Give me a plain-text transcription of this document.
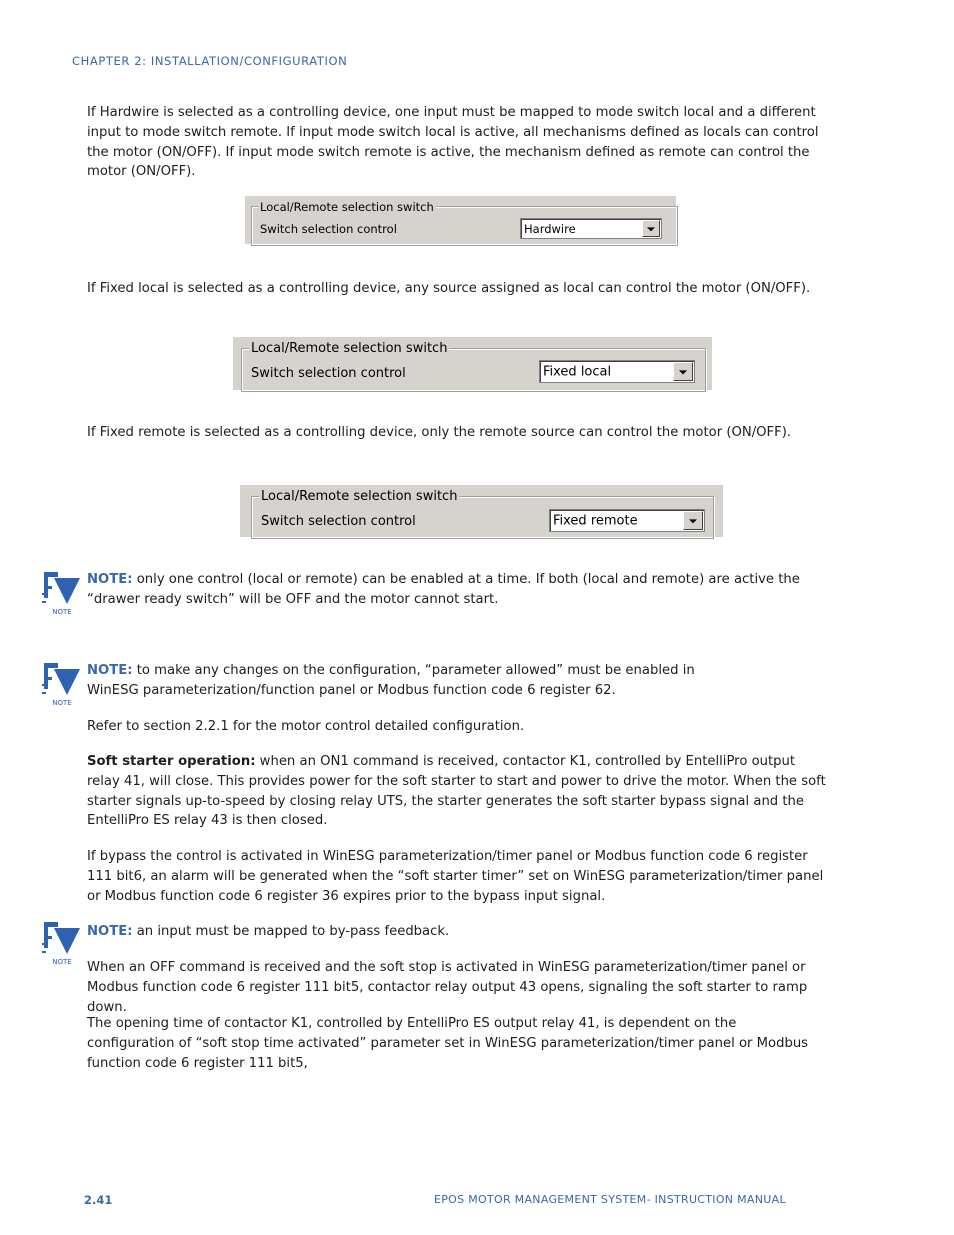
CHAPTER 2: INSTALLATION/CONFIGURATION
If Hardwire is selected as a controlling device, one input must be mapped to mode switch local and a different input to mode switch remote. If input mode switch local is active, all mechanisms defined as locals can control the motor (ON/OFF). If input mode switch remote is active, the mechanism defined as remote can control the motor (ON/OFF).
Local/Remote selection switch
Switch selection control	Hardwire
If Fixed local is selected as a controlling device, any source assigned as local can control the motor (ON/OFF).
Local/Remote selection switch
Switch selection control	Fixed local
If Fixed remote is selected as a controlling device, only the remote source can control the motor (ON/OFF).
Local/Remote selection switch
Switch selection control	Fixed remote
NOTE
NOTE: only one control (local or remote) can be enabled at a time. If both (local and remote) are active the “drawer ready switch” will be OFF and the motor cannot start.
NOTE
NOTE: to make any changes on the configuration, “parameter allowed” must be enabled in WinESG parameterization/function panel or Modbus function code 6 register 62.
Refer to section 2.2.1 for the motor control detailed configuration.
Soft starter operation: when an ON1 command is received, contactor K1, controlled by EntelliPro output relay 41, will close. This provides power for the soft starter to start and power to drive the motor. When the soft starter signals up-to-speed by closing relay UTS, the starter generates the soft starter bypass signal and the EntelliPro ES relay 43 is then closed.
If bypass the control is activated in WinESG parameterization/timer panel or Modbus function code 6 register 111 bit6, an alarm will be generated when the “soft starter timer” set on WinESG parameterization/timer panel or Modbus function code 6 register 36 expires prior to the bypass input signal.
NOTE
NOTE: an input must be mapped to by-pass feedback.
When an OFF command is received and the soft stop is activated in WinESG parameterization/timer panel or Modbus function code 6 register 111 bit5, contactor relay output 43 opens, signaling the soft starter to ramp down.
The opening time of contactor K1, controlled by EntelliPro ES output relay 41, is dependent on the configuration of “soft stop time activated” parameter set in WinESG parameterization/timer panel or Modbus function code 6 register 111 bit5,
2.41	EPOS MOTOR MANAGEMENT SYSTEM- INSTRUCTION MANUAL
